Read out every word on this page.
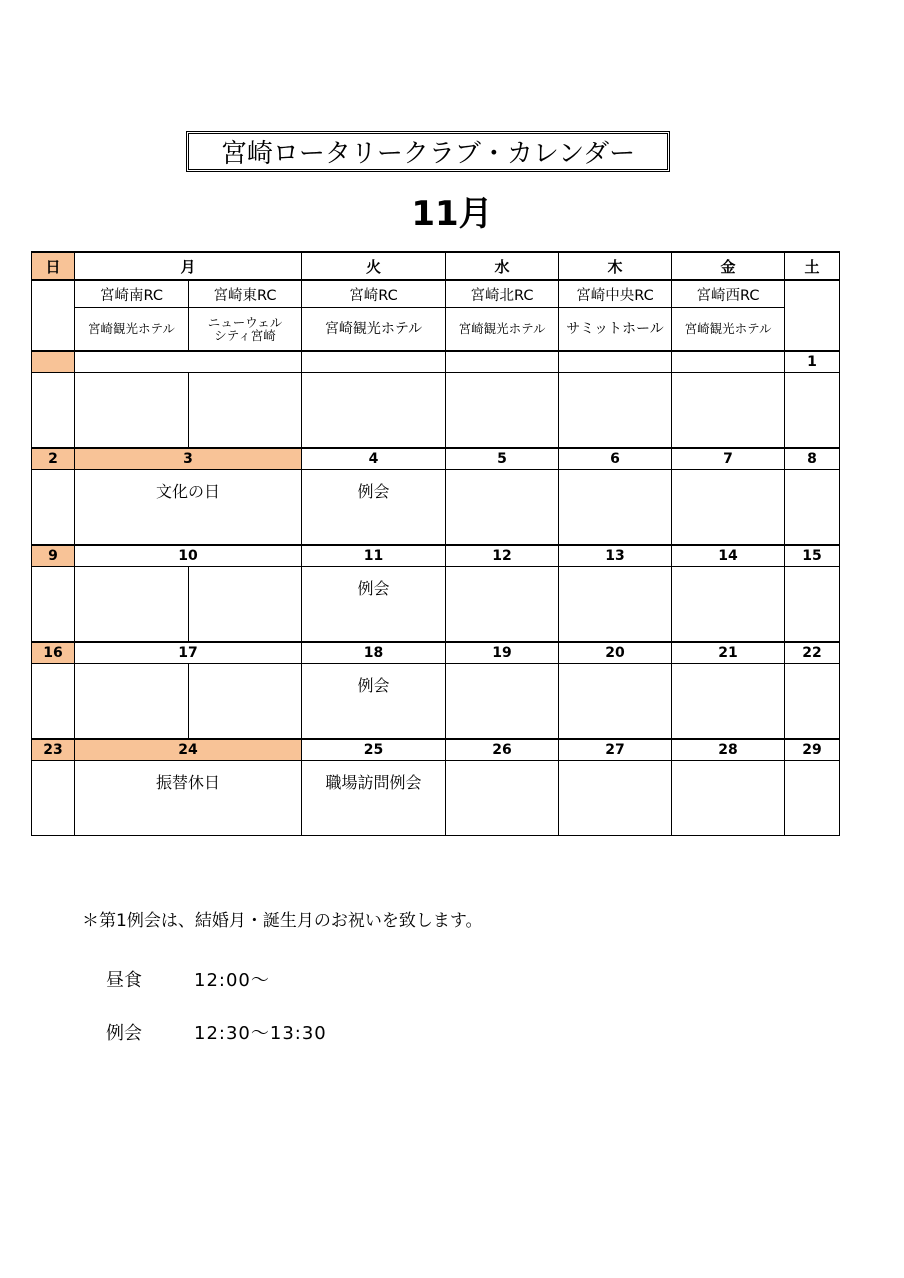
宮崎ロータリークラブ・カレンダー
11月
日	月		火	水	木	金	土
	宮崎南RC	宮崎東RC	宮崎RC	宮崎北RC	宮崎中央RC	宮崎西RC	
	宮崎観光ホテル	ニューウェル
シティ宮崎	宮崎観光ホテル	宮崎観光ホテル	サミットホール	宮崎観光ホテル	
							1

2	3		4	5	6	7	8

	文化の日		例会				

9	10		11	12	13	14	15

			例会				

16	17		18	19	20	21	22

			例会				

23	24		25	26	27	28	29

	振替休日		職場訪問例会				

＊第1例会は、結婚月・誕生月のお祝いを致します。
昼食	12:00～
例会	12:30～13:30
